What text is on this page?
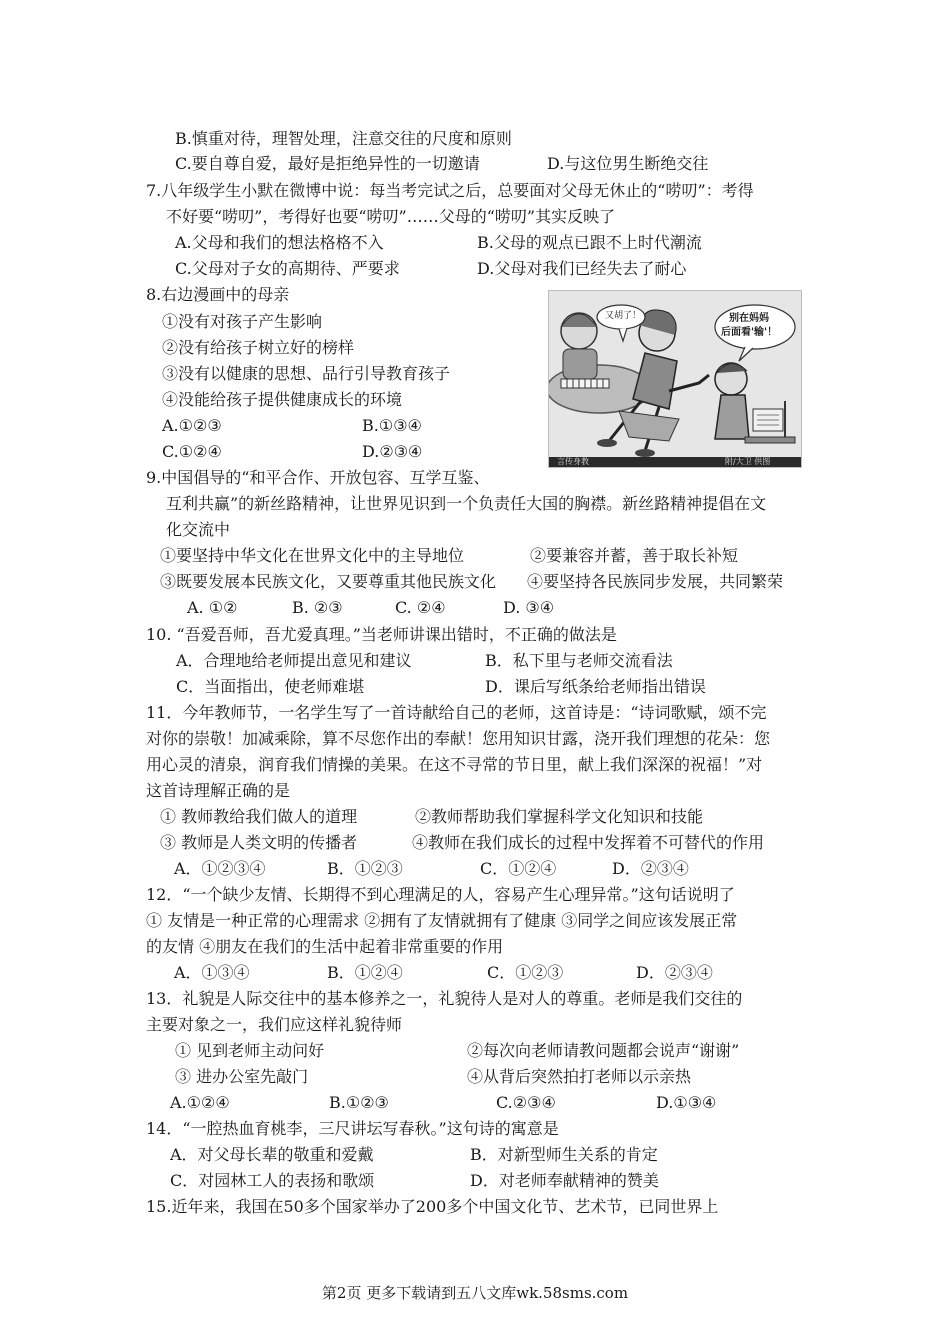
B.慎重对待，理智处理，注意交往的尺度和原则
C.要自尊自爱，最好是拒绝异性的一切邀请	D.与这位男生断绝交往
7.八年级学生小默在微博中说：每当考完试之后，总要面对父母无休止的“唠叨”：考得
不好要“唠叨”，考得好也要“唠叨”……父母的“唠叨”其实反映了
A.父母和我们的想法格格不入	B.父母的观点已跟不上时代潮流
C.父母对子女的高期待、严要求	D.父母对我们已经失去了耐心
8.右边漫画中的母亲
①没有对孩子产生影响
②没有给孩子树立好的榜样
③没有以健康的思想、品行引导教育孩子
④没能给孩子提供健康成长的环境
A.①②③	B.①③④
C.①②④	D.②③④
又胡了！	别在妈妈
后面看'输'！
言传身教	附/大卫 供图
9.中国倡导的“和平合作、开放包容、互学互鉴、
互利共赢”的新丝路精神，让世界见识到一个负责任大国的胸襟。新丝路精神提倡在文
化交流中
①要坚持中华文化在世界文化中的主导地位	②要兼容并蓄，善于取长补短
③既要发展本民族文化，又要尊重其他民族文化 ④要坚持各民族同步发展，共同繁荣
A. ①②	B. ②③	C. ②④	D. ③④
10. “吾爱吾师，吾尤爱真理。”当老师讲课出错时，不正确的做法是
A．合理地给老师提出意见和建议	B．私下里与老师交流看法
C．当面指出，使老师难堪	D．课后写纸条给老师指出错误
11．今年教师节，一名学生写了一首诗献给自己的老师，这首诗是：“诗词歌赋，颂不完
对你的崇敬！加减乘除，算不尽您作出的奉献！您用知识甘露，浇开我们理想的花朵：您
用心灵的清泉，润育我们情操的美果。在这不寻常的节日里，献上我们深深的祝福！”对
这首诗理解正确的是
① 教师教给我们做人的道理	②教师帮助我们掌握科学文化知识和技能
③ 教师是人类文明的传播者	④教师在我们成长的过程中发挥着不可替代的作用
A．①②③④	B．①②③	C．①②④	D．②③④
12．“一个缺少友情、长期得不到心理满足的人，容易产生心理异常。”这句话说明了
① 友情是一种正常的心理需求 ②拥有了友情就拥有了健康 ③同学之间应该发展正常
的友情 ④朋友在我们的生活中起着非常重要的作用
A．①③④	B．①②④	C．①②③	D．②③④
13．礼貌是人际交往中的基本修养之一，礼貌待人是对人的尊重。老师是我们交往的
主要对象之一，我们应这样礼貌待师
① 见到老师主动问好	②每次向老师请教问题都会说声“谢谢”
③ 进办公室先敲门	④从背后突然拍打老师以示亲热
A.①②④	B.①②③	C.②③④	D.①③④
14．“一腔热血育桃李，三尺讲坛写春秋。”这句诗的寓意是
A．对父母长辈的敬重和爱戴	B．对新型师生关系的肯定
C．对园林工人的表扬和歌颂	D．对老师奉献精神的赞美
15.近年来，我国在50多个国家举办了200多个中国文化节、艺术节，已同世界上
第2页 更多下载请到五八文库wk.58sms.com
